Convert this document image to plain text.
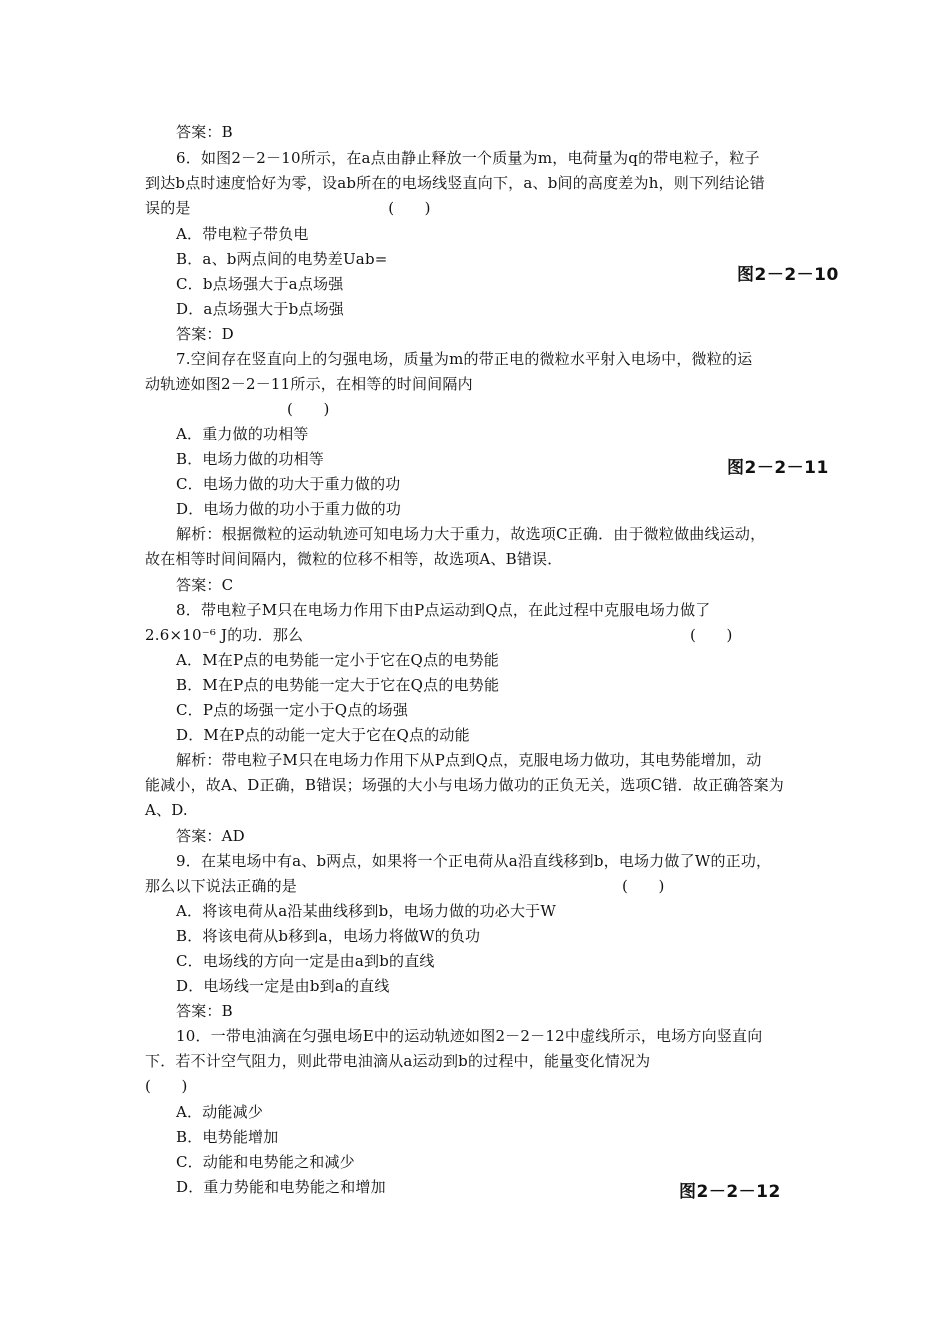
答案：B
6．如图2－2－10所示，在a点由静止释放一个质量为m，电荷量为q的带电粒子，粒子
到达b点时速度恰好为零，设ab所在的电场线竖直向下，a、b间的高度差为h，则下列结论错
误的是　　　　　　　　　　　　　(　　)
A．带电粒子带负电
B．a、b两点间的电势差Uab=
C．b点场强大于a点场强
D．a点场强大于b点场强
答案：D
7.空间存在竖直向上的匀强电场，质量为m的带正电的微粒水平射入电场中，微粒的运
动轨迹如图2－2－11所示，在相等的时间间隔内
(　　)
A．重力做的功相等
B．电场力做的功相等
C．电场力做的功大于重力做的功
D．电场力做的功小于重力做的功
解析：根据微粒的运动轨迹可知电场力大于重力，故选项C正确．由于微粒做曲线运动，
故在相等时间间隔内，微粒的位移不相等，故选项A、B错误．
答案：C
8．带电粒子M只在电场力作用下由P点运动到Q点，在此过程中克服电场力做了
2.6×10⁻⁶ J的功．那么	(　　)
A．M在P点的电势能一定小于它在Q点的电势能
B．M在P点的电势能一定大于它在Q点的电势能
C．P点的场强一定小于Q点的场强
D．M在P点的动能一定大于它在Q点的动能
解析：带电粒子M只在电场力作用下从P点到Q点，克服电场力做功，其电势能增加，动
能减小，故A、D正确，B错误；场强的大小与电场力做功的正负无关，选项C错．故正确答案为
A、D.
答案：AD
9．在某电场中有a、b两点，如果将一个正电荷从a沿直线移到b，电场力做了W的正功，
那么以下说法正确的是	(　　)
A．将该电荷从a沿某曲线移到b，电场力做的功必大于W
B．将该电荷从b移到a，电场力将做W的负功
C．电场线的方向一定是由a到b的直线
D．电场线一定是由b到a的直线
答案：B
10．一带电油滴在匀强电场E中的运动轨迹如图2－2－12中虚线所示，电场方向竖直向
下．若不计空气阻力，则此带电油滴从a运动到b的过程中，能量变化情况为
(　　)
A．动能减少
B．电势能增加
C．动能和电势能之和减少
D．重力势能和电势能之和增加
图2－2－10
图2－2－11
图2－2－12
